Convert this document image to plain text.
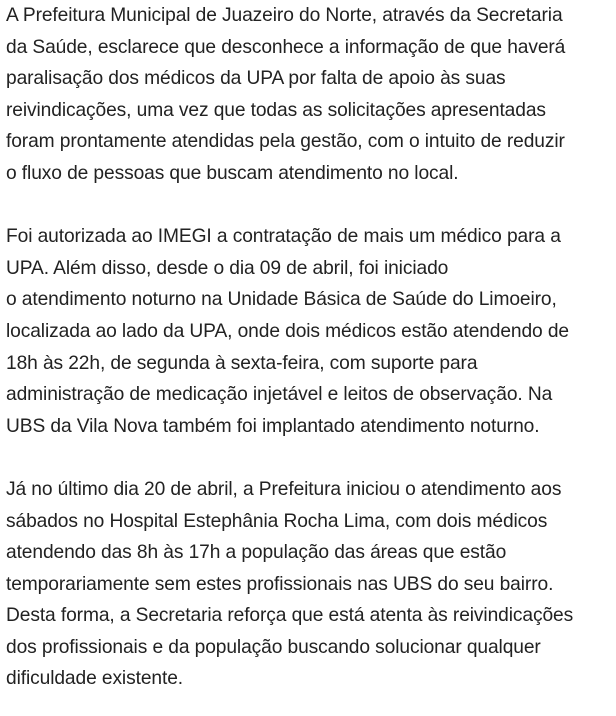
A Prefeitura Municipal de Juazeiro do Norte, através da Secretaria
da Saúde, esclarece que desconhece a informação de que haverá
paralisação dos médicos da UPA por falta de apoio às suas
reivindicações, uma vez que todas as solicitações apresentadas
foram prontamente atendidas pela gestão, com o intuito de reduzir
o fluxo de pessoas que buscam atendimento no local.

Foi autorizada ao IMEGI a contratação de mais um médico para a
UPA. Além disso, desde o dia 09 de abril, foi iniciado
o atendimento noturno na Unidade Básica de Saúde do Limoeiro,
localizada ao lado da UPA, onde dois médicos estão atendendo de
18h às 22h, de segunda à sexta-feira, com suporte para
administração de medicação injetável e leitos de observação. Na
UBS da Vila Nova também foi implantado atendimento noturno.

Já no último dia 20 de abril, a Prefeitura iniciou o atendimento aos
sábados no Hospital Estephânia Rocha Lima, com dois médicos
atendendo das 8h às 17h a população das áreas que estão
temporariamente sem estes profissionais nas UBS do seu bairro.
Desta forma, a Secretaria reforça que está atenta às reivindicações
dos profissionais e da população buscando solucionar qualquer
dificuldade existente.
